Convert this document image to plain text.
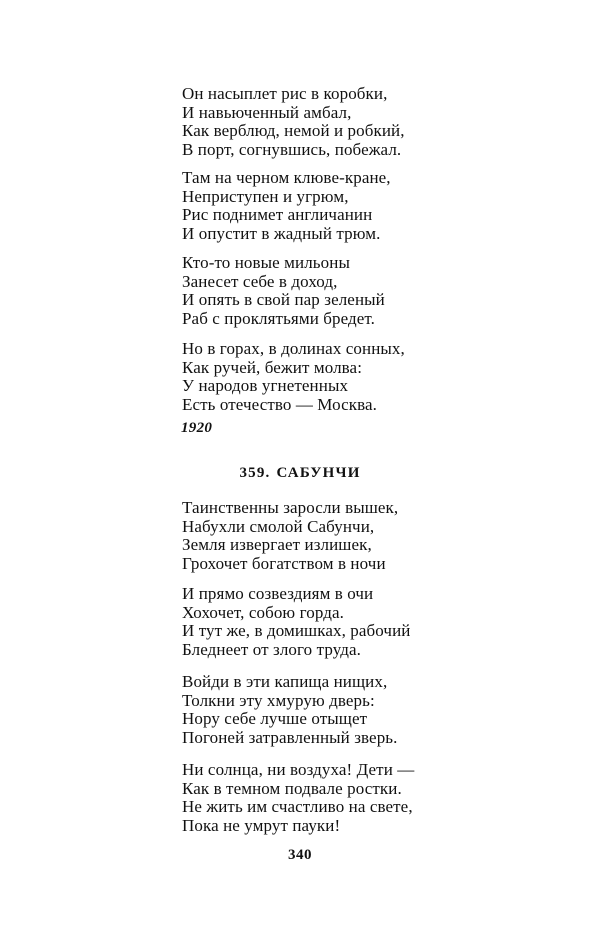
Он насыплет рис в коробки,
И навьюченный амбал,
Как верблюд, немой и робкий,
В порт, согнувшись, побежал.
Там на черном клюве-кране,
Неприступен и угрюм,
Рис поднимет англичанин
И опустит в жадный трюм.
Кто-то новые мильоны
Занесет себе в доход,
И опять в свой пар зеленый
Раб с проклятьями бредет.
Но в горах, в долинах сонных,
Как ручей, бежит молва:
У народов угнетенных
Есть отечество — Москва.
1920
359. САБУНЧИ
Таинственны заросли вышек,
Набухли смолой Сабунчи,
Земля извергает излишек,
Грохочет богатством в ночи
И прямо созвездиям в очи
Хохочет, собою горда.
И тут же, в домишках, рабочий
Бледнеет от злого труда.
Войди в эти капища нищих,
Толкни эту хмурую дверь:
Нору себе лучше отыщет
Погоней затравленный зверь.
Ни солнца, ни воздуха! Дети —
Как в темном подвале ростки.
Не жить им счастливо на свете,
Пока не умрут пауки!
340
